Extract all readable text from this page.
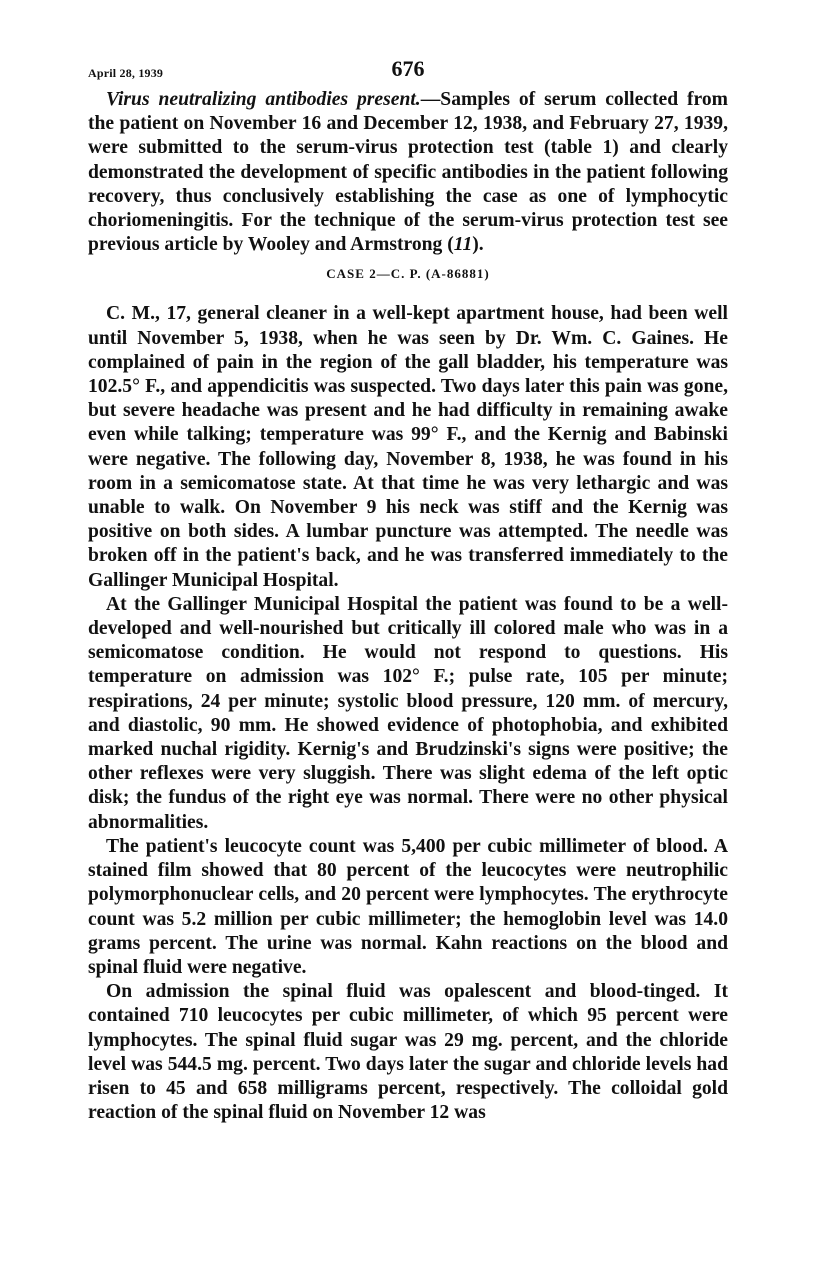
April 28, 1939	676

Virus neutralizing antibodies present.—Samples of serum collected from the patient on November 16 and December 12, 1938, and February 27, 1939, were submitted to the serum-virus protection test (table 1) and clearly demonstrated the development of specific antibodies in the patient following recovery, thus conclusively establishing the case as one of lymphocytic choriomeningitis. For the technique of the serum-virus protection test see previous article by Wooley and Armstrong (11).

CASE 2—C. P. (A-86881)

C. M., 17, general cleaner in a well-kept apartment house, had been well until November 5, 1938, when he was seen by Dr. Wm. C. Gaines. He complained of pain in the region of the gall bladder, his temperature was 102.5° F., and appendicitis was suspected. Two days later this pain was gone, but severe headache was present and he had difficulty in remaining awake even while talking; temperature was 99° F., and the Kernig and Babinski were negative. The following day, November 8, 1938, he was found in his room in a semicomatose state. At that time he was very lethargic and was unable to walk. On November 9 his neck was stiff and the Kernig was positive on both sides. A lumbar puncture was attempted. The needle was broken off in the patient's back, and he was transferred immediately to the Gallinger Municipal Hospital.

At the Gallinger Municipal Hospital the patient was found to be a well-developed and well-nourished but critically ill colored male who was in a semicomatose condition. He would not respond to questions. His temperature on admission was 102° F.; pulse rate, 105 per minute; respirations, 24 per minute; systolic blood pressure, 120 mm. of mercury, and diastolic, 90 mm. He showed evidence of photophobia, and exhibited marked nuchal rigidity. Kernig's and Brudzinski's signs were positive; the other reflexes were very sluggish. There was slight edema of the left optic disk; the fundus of the right eye was normal. There were no other physical abnormalities.

The patient's leucocyte count was 5,400 per cubic millimeter of blood. A stained film showed that 80 percent of the leucocytes were neutrophilic polymorphonuclear cells, and 20 percent were lymphocytes. The erythrocyte count was 5.2 million per cubic millimeter; the hemoglobin level was 14.0 grams percent. The urine was normal. Kahn reactions on the blood and spinal fluid were negative.

On admission the spinal fluid was opalescent and blood-tinged. It contained 710 leucocytes per cubic millimeter, of which 95 percent were lymphocytes. The spinal fluid sugar was 29 mg. percent, and the chloride level was 544.5 mg. percent. Two days later the sugar and chloride levels had risen to 45 and 658 milligrams percent, respectively. The colloidal gold reaction of the spinal fluid on November 12 was
